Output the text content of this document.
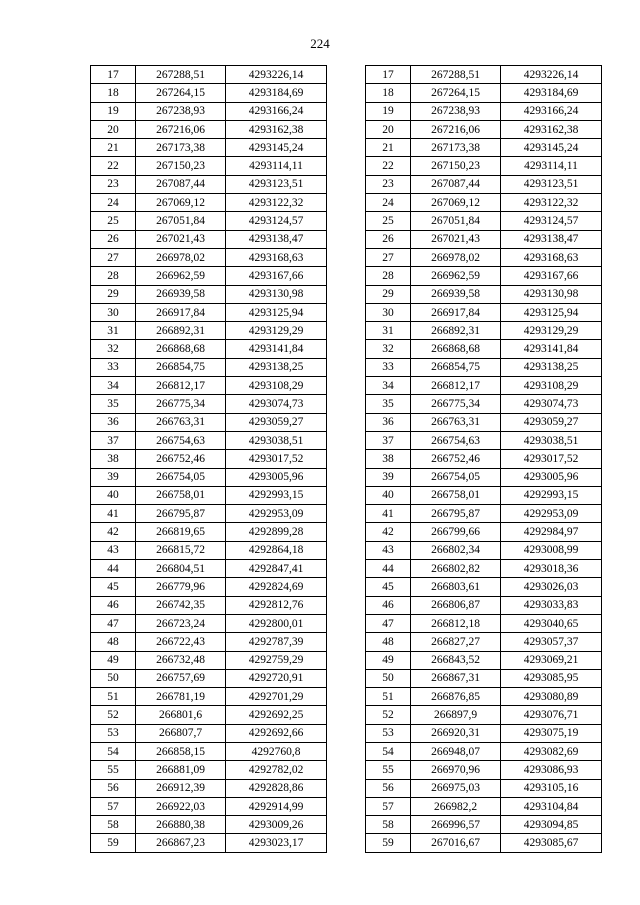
224
17	267288,51	4293226,14
18	267264,15	4293184,69
19	267238,93	4293166,24
20	267216,06	4293162,38
21	267173,38	4293145,24
22	267150,23	4293114,11
23	267087,44	4293123,51
24	267069,12	4293122,32
25	267051,84	4293124,57
26	267021,43	4293138,47
27	266978,02	4293168,63
28	266962,59	4293167,66
29	266939,58	4293130,98
30	266917,84	4293125,94
31	266892,31	4293129,29
32	266868,68	4293141,84
33	266854,75	4293138,25
34	266812,17	4293108,29
35	266775,34	4293074,73
36	266763,31	4293059,27
37	266754,63	4293038,51
38	266752,46	4293017,52
39	266754,05	4293005,96
40	266758,01	4292993,15
41	266795,87	4292953,09
42	266819,65	4292899,28
43	266815,72	4292864,18
44	266804,51	4292847,41
45	266779,96	4292824,69
46	266742,35	4292812,76
47	266723,24	4292800,01
48	266722,43	4292787,39
49	266732,48	4292759,29
50	266757,69	4292720,91
51	266781,19	4292701,29
52	266801,6	4292692,25
53	266807,7	4292692,66
54	266858,15	4292760,8
55	266881,09	4292782,02
56	266912,39	4292828,86
57	266922,03	4292914,99
58	266880,38	4293009,26
59	266867,23	4293023,17
17	267288,51	4293226,14
18	267264,15	4293184,69
19	267238,93	4293166,24
20	267216,06	4293162,38
21	267173,38	4293145,24
22	267150,23	4293114,11
23	267087,44	4293123,51
24	267069,12	4293122,32
25	267051,84	4293124,57
26	267021,43	4293138,47
27	266978,02	4293168,63
28	266962,59	4293167,66
29	266939,58	4293130,98
30	266917,84	4293125,94
31	266892,31	4293129,29
32	266868,68	4293141,84
33	266854,75	4293138,25
34	266812,17	4293108,29
35	266775,34	4293074,73
36	266763,31	4293059,27
37	266754,63	4293038,51
38	266752,46	4293017,52
39	266754,05	4293005,96
40	266758,01	4292993,15
41	266795,87	4292953,09
42	266799,66	4292984,97
43	266802,34	4293008,99
44	266802,82	4293018,36
45	266803,61	4293026,03
46	266806,87	4293033,83
47	266812,18	4293040,65
48	266827,27	4293057,37
49	266843,52	4293069,21
50	266867,31	4293085,95
51	266876,85	4293080,89
52	266897,9	4293076,71
53	266920,31	4293075,19
54	266948,07	4293082,69
55	266970,96	4293086,93
56	266975,03	4293105,16
57	266982,2	4293104,84
58	266996,57	4293094,85
59	267016,67	4293085,67
